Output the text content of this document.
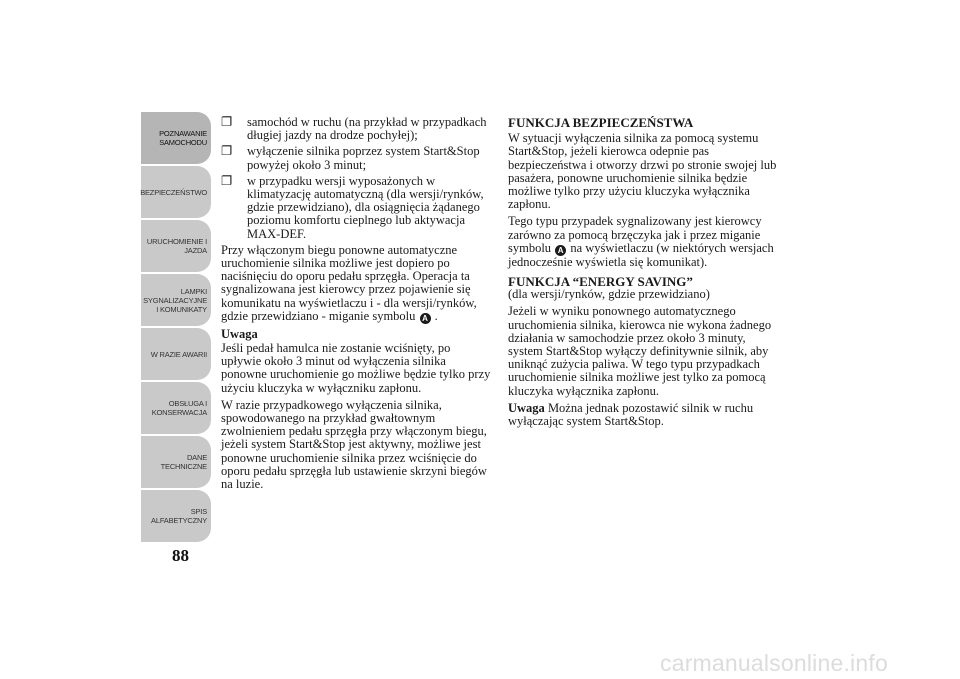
POZNAWANIE
SAMOCHODU
BEZPIECZEŃSTWO
URUCHOMIENIE I
JAZDA
LAMPKI
SYGNALIZACYJNE
I KOMUNIKATY
W RAZIE AWARII
OBSŁUGA I
KONSERWACJA
DANE
TECHNICZNE
SPIS
ALFABETYCZNY
88

❐ samochód w ruchu (na przykład w przypadkach długiej jazdy na drodze pochyłej);

❐ wyłączenie silnika poprzez system Start&Stop powyżej około 3 minut;

❐ w przypadku wersji wyposażonych w klimatyzację automatyczną (dla wersji/rynków, gdzie przewidziano), dla osiągnięcia żądanego poziomu komfortu cieplnego lub aktywacja MAX-DEF.

Przy włączonym biegu ponowne automatyczne uruchomienie silnika możliwe jest dopiero po naciśnięciu do oporu pedału sprzęgła. Operacja ta sygnalizowana jest kierowcy przez pojawienie się komunikatu na wyświetlaczu i - dla wersji/rynków, gdzie przewidziano - miganie symbolu A .

Uwaga

Jeśli pedał hamulca nie zostanie wciśnięty, po upływie około 3 minut od wyłączenia silnika ponowne uruchomienie go możliwe będzie tylko przy użyciu kluczyka w wyłączniku zapłonu.

W razie przypadkowego wyłączenia silnika, spowodowanego na przykład gwałtownym zwolnieniem pedału sprzęgła przy włączonym biegu, jeżeli system Start&Stop jest aktywny, możliwe jest ponowne uruchomienie silnika przez wciśnięcie do oporu pedału sprzęgła lub ustawienie skrzyni biegów na luzie.

FUNKCJA BEZPIECZEŃSTWA

W sytuacji wyłączenia silnika za pomocą systemu Start&Stop, jeżeli kierowca odepnie pas bezpieczeństwa i otworzy drzwi po stronie swojej lub pasażera, ponowne uruchomienie silnika będzie możliwe tylko przy użyciu kluczyka wyłącznika zapłonu.

Tego typu przypadek sygnalizowany jest kierowcy zarówno za pomocą brzęczyka jak i przez miganie symbolu A na wyświetlaczu (w niektórych wersjach jednocześnie wyświetla się komunikat).

FUNKCJA “ENERGY SAVING”

(dla wersji/rynków, gdzie przewidziano)

Jeżeli w wyniku ponownego automatycznego uruchomienia silnika, kierowca nie wykona żadnego działania w samochodzie przez około 3 minuty, system Start&Stop wyłączy definitywnie silnik, aby uniknąć zużycia paliwa. W tego typu przypadkach uruchomienie silnika możliwe jest tylko za pomocą kluczyka wyłącznika zapłonu.

Uwaga Można jednak pozostawić silnik w ruchu wyłączając system Start&Stop.

carmanualsonline.info
